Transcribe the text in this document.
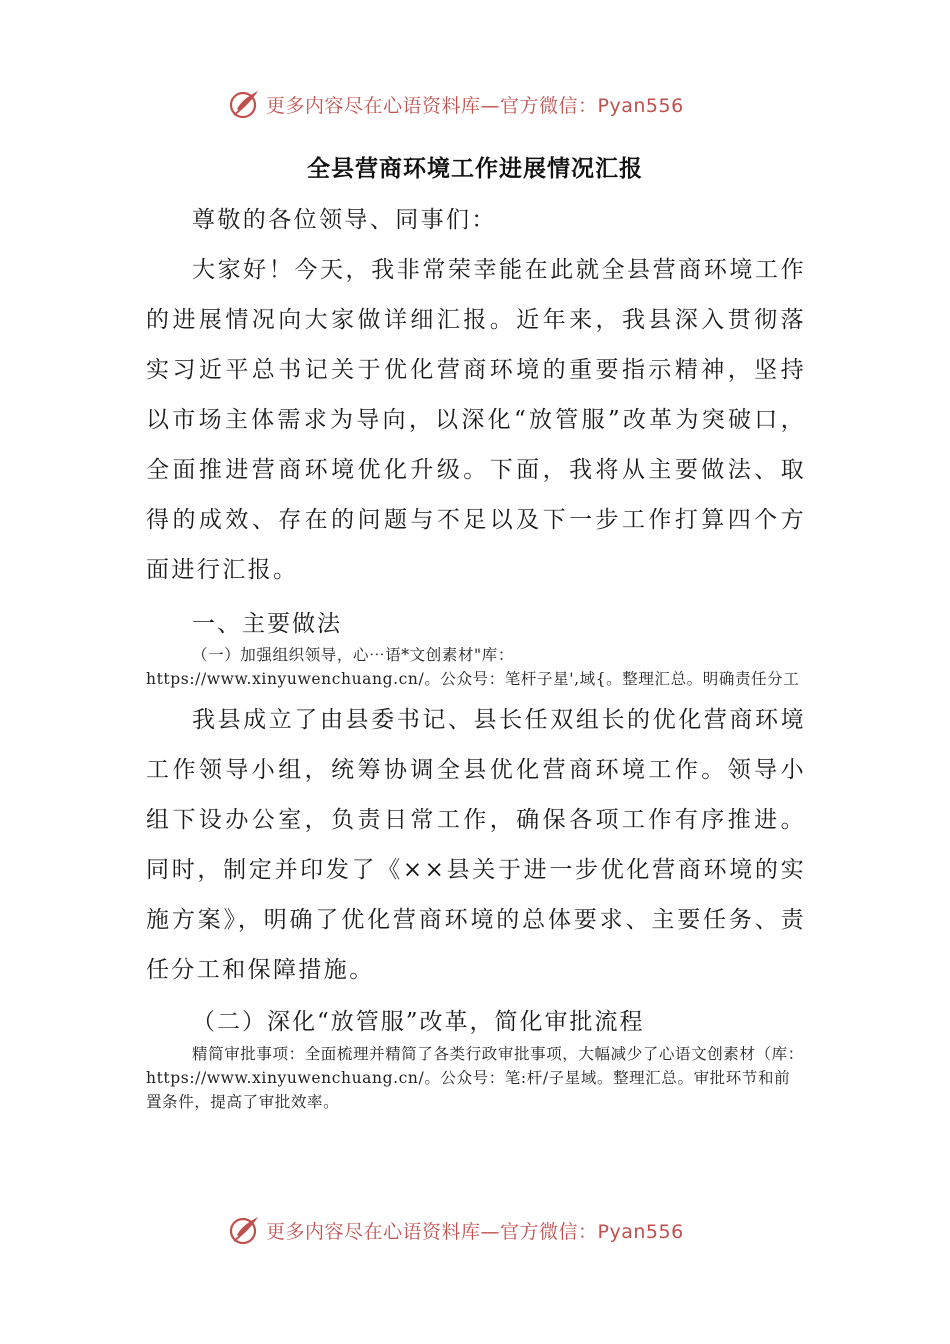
更多内容尽在心语资料库—官方微信：Pyan556
全县营商环境工作进展情况汇报

尊敬的各位领导、同事们：

大家好！今天，我非常荣幸能在此就全县营商环境工作的进展情况向大家做详细汇报。近年来，我县深入贯彻落实习近平总书记关于优化营商环境的重要指示精神，坚持以市场主体需求为导向，以深化“放管服”改革为突破口，全面推进营商环境优化升级。下面，我将从主要做法、取得的成效、存在的问题与不足以及下一步工作打算四个方面进行汇报。

一、主要做法

（一）加强组织领导，心⋯语*文创素材"库：https://www.xinyuwenchuang.cn/。公众号：笔杆子星',域{。整理汇总。明确责任分工

我县成立了由县委书记、县长任双组长的优化营商环境工作领导小组，统筹协调全县优化营商环境工作。领导小组下设办公室，负责日常工作，确保各项工作有序推进。同时，制定并印发了《××县关于进一步优化营商环境的实施方案》，明确了优化营商环境的总体要求、主要任务、责任分工和保障措施。

（二）深化“放管服”改革，简化审批流程

精简审批事项：全面梳理并精简了各类行政审批事项，大幅减少了心语文创素材（库：https://www.xinyuwenchuang.cn/。公众号：笔:杆/子星域。整理汇总。审批环节和前置条件，提高了审批效率。

更多内容尽在心语资料库—官方微信：Pyan556
